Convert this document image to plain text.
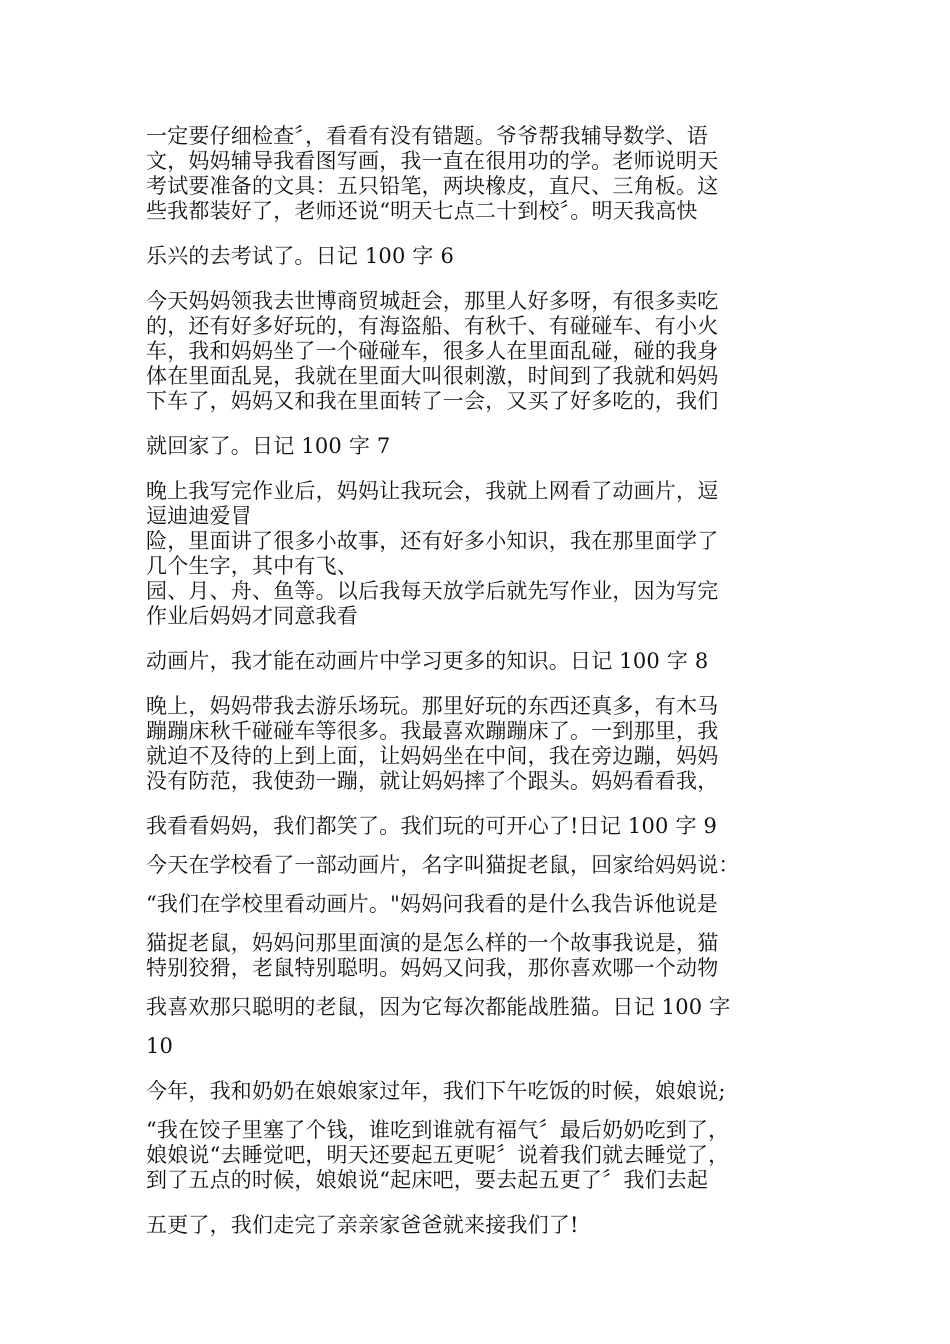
一定要仔细检查〞，看看有没有错题。爷爷帮我辅导数学、语
文，妈妈辅导我看图写画，我一直在很用功的学。老师说明天
考试要准备的文具：五只铅笔，两块橡皮，直尺、三角板。这
些我都装好了，老师还说“明天七点二十到校〞。明天我高快
乐兴的去考试了。日记 100 字 6
今天妈妈领我去世博商贸城赶会，那里人好多呀，有很多卖吃
的，还有好多好玩的，有海盗船、有秋千、有碰碰车、有小火
车，我和妈妈坐了一个碰碰车，很多人在里面乱碰，碰的我身
体在里面乱晃，我就在里面大叫很刺激，时间到了我就和妈妈
下车了，妈妈又和我在里面转了一会，又买了好多吃的，我们
就回家了。日记 100 字 7
晚上我写完作业后，妈妈让我玩会，我就上网看了动画片，逗
逗迪迪爱冒
险，里面讲了很多小故事，还有好多小知识，我在那里面学了
几个生字，其中有飞、
园、月、舟、鱼等。以后我每天放学后就先写作业，因为写完
作业后妈妈才同意我看
动画片，我才能在动画片中学习更多的知识。日记 100 字 8
晚上，妈妈带我去游乐场玩。那里好玩的东西还真多，有木马
蹦蹦床秋千碰碰车等很多。我最喜欢蹦蹦床了。一到那里，我
就迫不及待的上到上面，让妈妈坐在中间，我在旁边蹦，妈妈
没有防范，我使劲一蹦，就让妈妈摔了个跟头。妈妈看看我，
我看看妈妈，我们都笑了。我们玩的可开心了!日记 100 字 9
今天在学校看了一部动画片，名字叫猫捉老鼠，回家给妈妈说：
“我们在学校里看动画片。"妈妈问我看的是什么我告诉他说是
猫捉老鼠，妈妈问那里面演的是怎么样的一个故事我说是，猫
特别狡猾，老鼠特别聪明。妈妈又问我，那你喜欢哪一个动物
我喜欢那只聪明的老鼠，因为它每次都能战胜猫。日记 100 字
10
今年，我和奶奶在娘娘家过年，我们下午吃饭的时候，娘娘说;
“我在饺子里塞了个钱，谁吃到谁就有福气〞最后奶奶吃到了，
娘娘说“去睡觉吧，明天还要起五更呢〞说着我们就去睡觉了，
到了五点的时候，娘娘说“起床吧，要去起五更了〞我们去起
五更了，我们走完了亲亲家爸爸就来接我们了!
